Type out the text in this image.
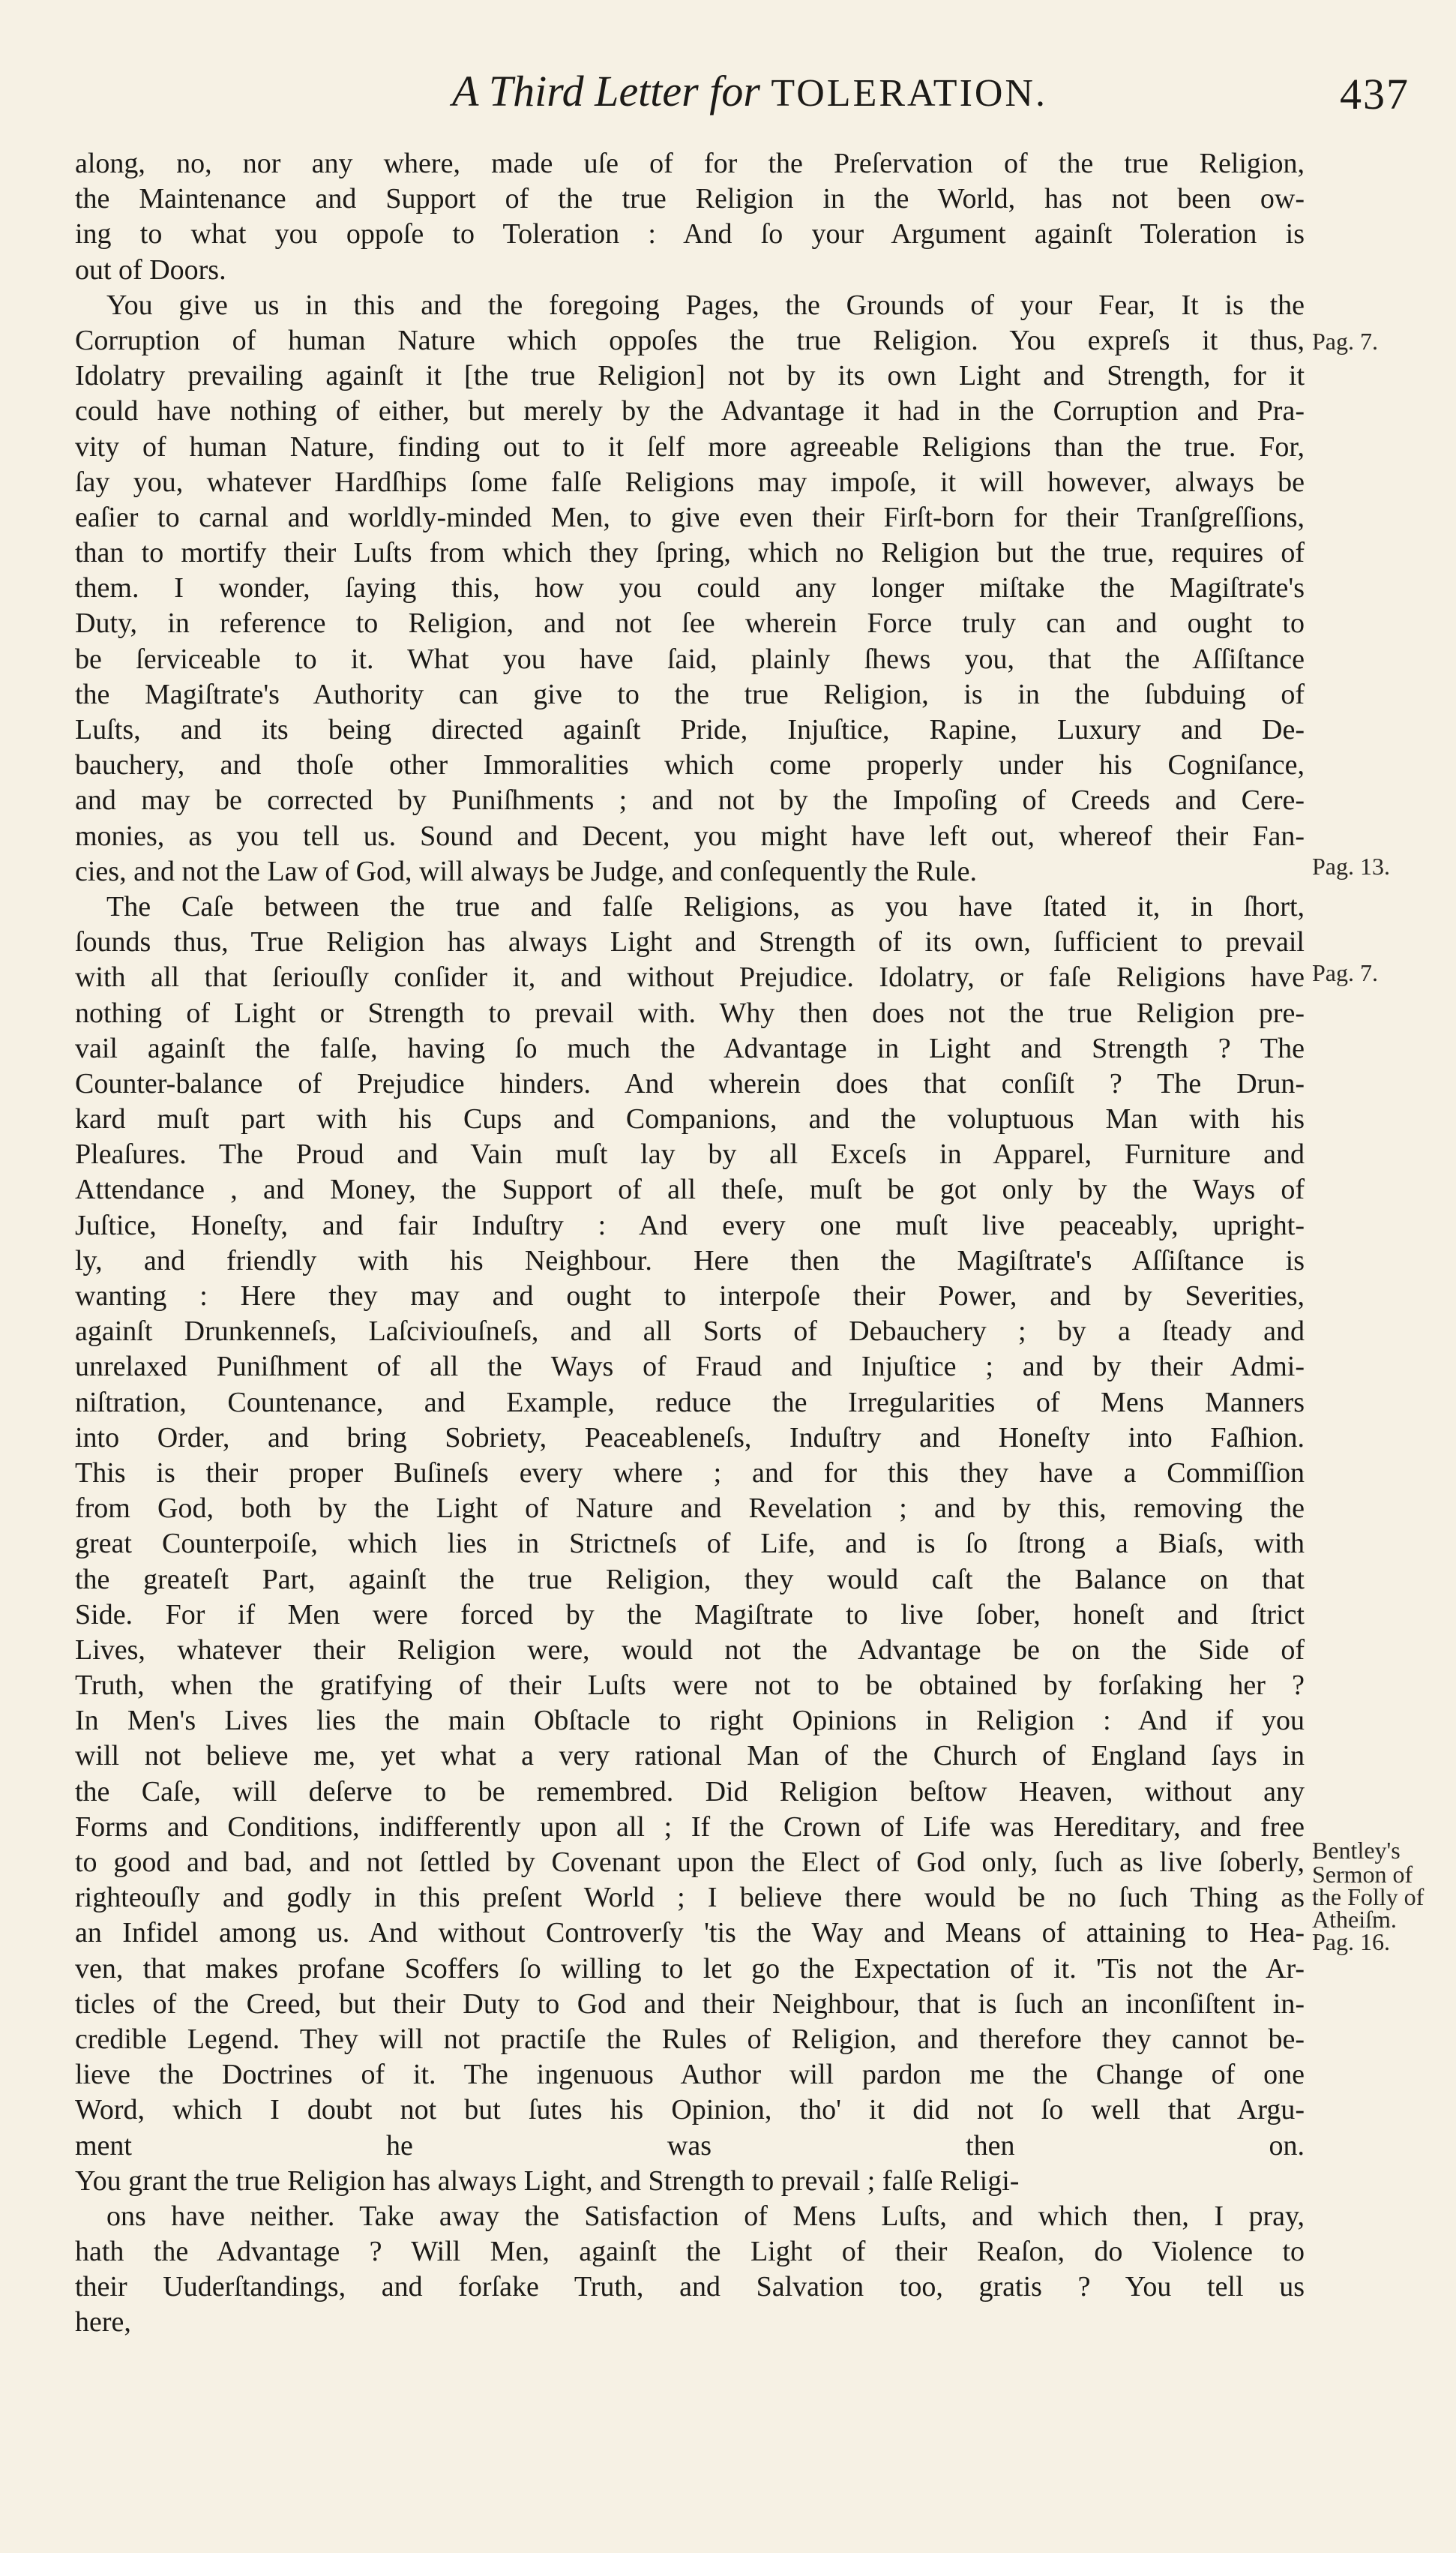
A Third Letter for TOLERATION.	437
along, no, nor any where, made uſe of for the Preſervation of the true Religion,
the Maintenance and Support of the true Religion in the World, has not been ow-
ing to what you oppoſe to Toleration : And ſo your Argument againſt Toleration is
out of Doors.
You give us in this and the foregoing Pages, the Grounds of your Fear, It is the
Corruption of human Nature which oppoſes the true Religion. You expreſs it thus,
Idolatry prevailing againſt it [the true Religion] not by its own Light and Strength, for it
could have nothing of either, but merely by the Advantage it had in the Corruption and Pra-
vity of human Nature, finding out to it ſelf more agreeable Religions than the true. For,
ſay you, whatever Hardſhips ſome falſe Religions may impoſe, it will however, always be
eaſier to carnal and worldly-minded Men, to give even their Firſt-born for their Tranſgreſſions,
than to mortify their Luſts from which they ſpring, which no Religion but the true, requires of
them. I wonder, ſaying this, how you could any longer miſtake the Magiſtrate's
Duty, in reference to Religion, and not ſee wherein Force truly can and ought to
be ſerviceable to it. What you have ſaid, plainly ſhews you, that the Aſſiſtance
the Magiſtrate's Authority can give to the true Religion, is in the ſubduing of
Luſts, and its being directed againſt Pride, Injuſtice, Rapine, Luxury and De-
bauchery, and thoſe other Immoralities which come properly under his Cogniſance,
and may be corrected by Puniſhments ; and not by the Impoſing of Creeds and Cere-
monies, as you tell us. Sound and Decent, you might have left out, whereof their Fan-
cies, and not the Law of God, will always be Judge, and conſequently the Rule.
The Caſe between the true and falſe Religions, as you have ſtated it, in ſhort,
ſounds thus, True Religion has always Light and Strength of its own, ſufficient to prevail
with all that ſeriouſly conſider it, and without Prejudice. Idolatry, or faſe Religions have
nothing of Light or Strength to prevail with. Why then does not the true Religion pre-
vail againſt the falſe, having ſo much the Advantage in Light and Strength ? The
Counter-balance of Prejudice hinders. And wherein does that conſiſt ? The Drun-
kard muſt part with his Cups and Companions, and the voluptuous Man with his
Pleaſures. The Proud and Vain muſt lay by all Exceſs in Apparel, Furniture and
Attendance , and Money, the Support of all theſe, muſt be got only by the Ways of
Juſtice, Honeſty, and fair Induſtry : And every one muſt live peaceably, upright-
ly, and friendly with his Neighbour. Here then the Magiſtrate's Aſſiſtance is
wanting : Here they may and ought to interpoſe their Power, and by Severities,
againſt Drunkenneſs, Laſciviouſneſs, and all Sorts of Debauchery ; by a ſteady and
unrelaxed Puniſhment of all the Ways of Fraud and Injuſtice ; and by their Admi-
niſtration, Countenance, and Example, reduce the Irregularities of Mens Manners
into Order, and bring Sobriety, Peaceableneſs, Induſtry and Honeſty into Faſhion.
This is their proper Buſineſs every where ; and for this they have a Commiſſion
from God, both by the Light of Nature and Revelation ; and by this, removing the
great Counterpoiſe, which lies in Strictneſs of Life, and is ſo ſtrong a Biaſs, with
the greateſt Part, againſt the true Religion, they would caſt the Balance on that
Side. For if Men were forced by the Magiſtrate to live ſober, honeſt and ſtrict
Lives, whatever their Religion were, would not the Advantage be on the Side of
Truth, when the gratifying of their Luſts were not to be obtained by forſaking her ?
In Men's Lives lies the main Obſtacle to right Opinions in Religion : And if you
will not believe me, yet what a very rational Man of the Church of England ſays in
the Caſe, will deſerve to be remembred. Did Religion beſtow Heaven, without any
Forms and Conditions, indifferently upon all ; If the Crown of Life was Hereditary, and free
to good and bad, and not ſettled by Covenant upon the Elect of God only, ſuch as live ſoberly,
righteouſly and godly in this preſent World ; I believe there would be no ſuch Thing as
an Infidel among us. And without Controverſy 'tis the Way and Means of attaining to Hea-
ven, that makes profane Scoffers ſo willing to let go the Expectation of it. 'Tis not the Ar-
ticles of the Creed, but their Duty to God and their Neighbour, that is ſuch an inconſiſtent in-
credible Legend. They will not practiſe the Rules of Religion, and therefore they cannot be-
lieve the Doctrines of it. The ingenuous Author will pardon me the Change of one
Word, which I doubt not but ſutes his Opinion, tho' it did not ſo well that Argu-
ment he was then on.
You grant the true Religion has always Light, and Strength to prevail ; falſe Religi-
ons have neither. Take away the Satisfaction of Mens Luſts, and which then, I pray,
hath the Advantage ? Will Men, againſt the Light of their Reaſon, do Violence to
their Uuderſtandings, and forſake Truth, and Salvation too, gratis ? You tell us
here,
Pag. 7.
Pag. 13.
Pag. 7.
Bentley's
Sermon of
the Folly of
Atheiſm.
Pag. 16.
